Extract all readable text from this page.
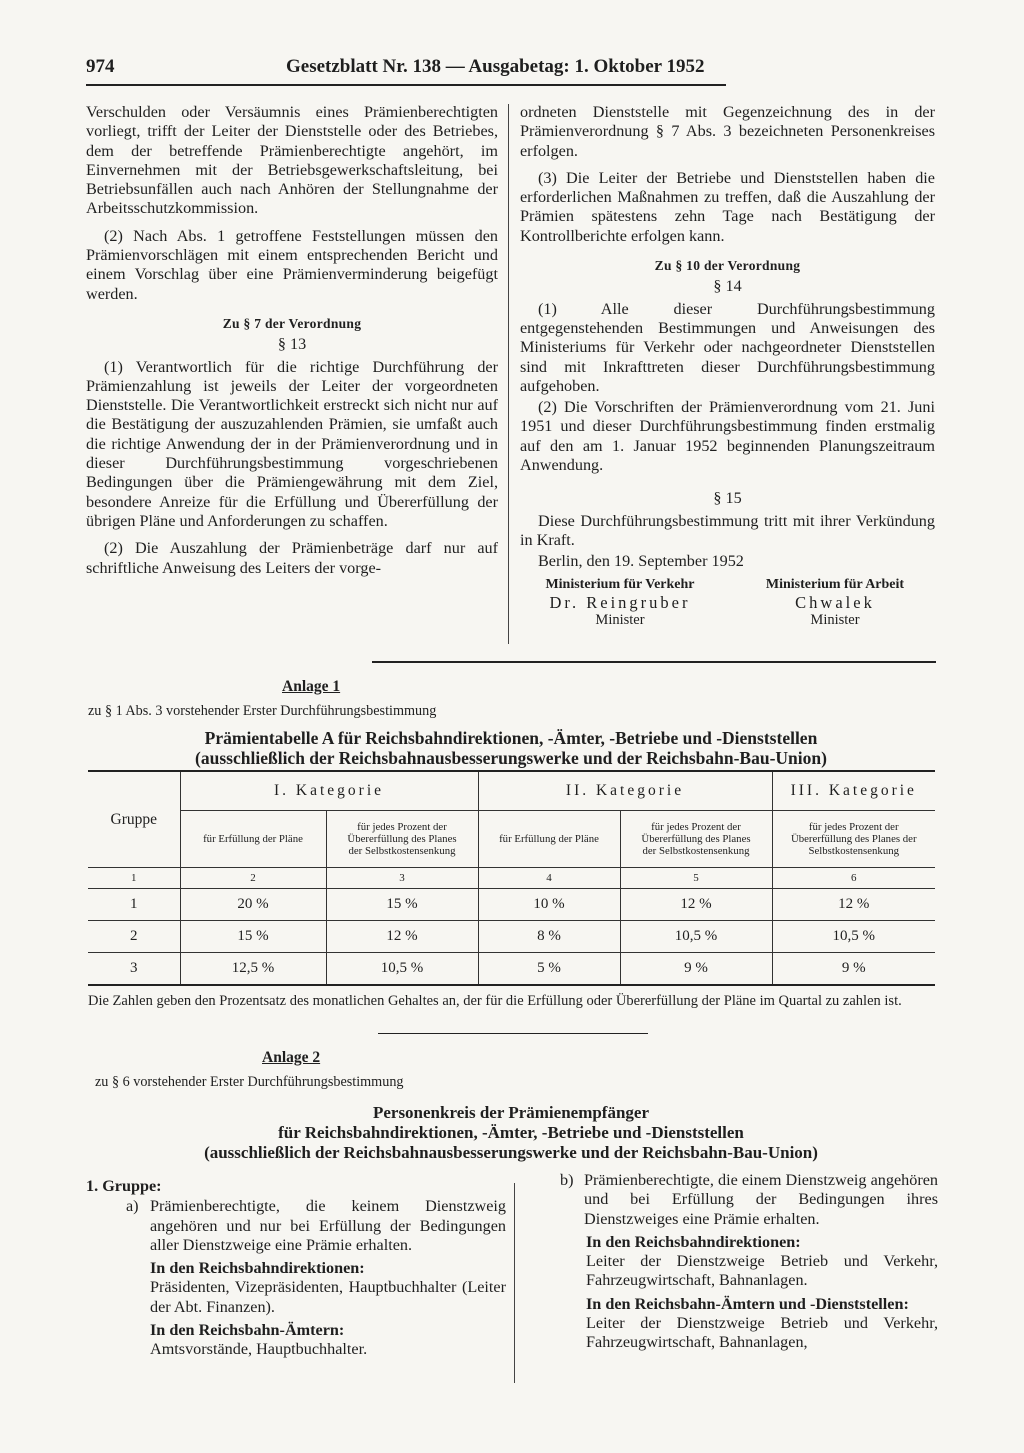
974	Gesetzblatt Nr. 138 — Ausgabetag: 1. Oktober 1952

Verschulden oder Versäumnis eines Prämienberechtigten vorliegt, trifft der Leiter der Dienststelle oder des Betriebes, dem der betreffende Prämienberechtigte angehört, im Einvernehmen mit der Betriebsgewerkschaftsleitung, bei Betriebsunfällen auch nach Anhören der Stellungnahme der Arbeitsschutzkommission.

(2) Nach Abs. 1 getroffene Feststellungen müssen den Prämienvorschlägen mit einem entsprechenden Bericht und einem Vorschlag über eine Prämienverminderung beigefügt werden.

Zu § 7 der Verordnung

§ 13

(1) Verantwortlich für die richtige Durchführung der Prämienzahlung ist jeweils der Leiter der vorgeordneten Dienststelle. Die Verantwortlichkeit erstreckt sich nicht nur auf die Bestätigung der auszuzahlenden Prämien, sie umfaßt auch die richtige Anwendung der in der Prämienverordnung und in dieser Durchführungsbestimmung vorgeschriebenen Bedingungen über die Prämiengewährung mit dem Ziel, besondere Anreize für die Erfüllung und Übererfüllung der übrigen Pläne und Anforderungen zu schaffen.

(2) Die Auszahlung der Prämienbeträge darf nur auf schriftliche Anweisung des Leiters der vorge-

ordneten Dienststelle mit Gegenzeichnung des in der Prämienverordnung § 7 Abs. 3 bezeichneten Personenkreises erfolgen.

(3) Die Leiter der Betriebe und Dienststellen haben die erforderlichen Maßnahmen zu treffen, daß die Auszahlung der Prämien spätestens zehn Tage nach Bestätigung der Kontrollberichte erfolgen kann.

Zu § 10 der Verordnung

§ 14

(1) Alle dieser Durchführungsbestimmung entgegenstehenden Bestimmungen und Anweisungen des Ministeriums für Verkehr oder nachgeordneter Dienststellen sind mit Inkrafttreten dieser Durchführungsbestimmung aufgehoben.

(2) Die Vorschriften der Prämienverordnung vom 21. Juni 1951 und dieser Durchführungsbestimmung finden erstmalig auf den am 1. Januar 1952 beginnenden Planungszeitraum Anwendung.

§ 15

Diese Durchführungsbestimmung tritt mit ihrer Verkündung in Kraft.

Berlin, den 19. September 1952

Ministerium für Verkehr
Dr. Reingruber
Minister
Ministerium für Arbeit
Chwalek
Minister
Anlage 1
zu § 1 Abs. 3 vorstehender Erster Durchführungsbestimmung
Prämientabelle A für Reichsbahndirektionen, -Ämter, -Betriebe und -Dienststellen
(ausschließlich der Reichsbahnausbesserungswerke und der Reichsbahn-Bau-Union)
Gruppe	I. Kategorie		II. Kategorie		III. Kategorie
	für Erfüllung der Pläne	für jedes Prozent der Übererfüllung des Planes der Selbstkostensenkung	für Erfüllung der Pläne	für jedes Prozent der Übererfüllung des Planes der Selbstkostensenkung	für jedes Prozent der Übererfüllung des Planes der Selbstkostensenkung
1	2	3	4	5	6
1	20 %	15 %	10 %	12 %	12 %
2	15 %	12 %	8 %	10,5 %	10,5 %
3	12,5 %	10,5 %	5 %	9 %	9 %
Die Zahlen geben den Prozentsatz des monatlichen Gehaltes an, der für die Erfüllung oder Übererfüllung der Pläne im Quartal zu zahlen ist.
Anlage 2
zu § 6 vorstehender Erster Durchführungsbestimmung
Personenkreis der Prämienempfänger
für Reichsbahndirektionen, -Ämter, -Betriebe und -Dienststellen
(ausschließlich der Reichsbahnausbesserungswerke und der Reichsbahn-Bau-Union)

1. Gruppe:

a) Prämienberechtigte, die keinem Dienstzweig angehören und nur bei Erfüllung der Bedingungen aller Dienstzweige eine Prämie erhalten.

In den Reichsbahndirektionen:

Präsidenten, Vizepräsidenten, Hauptbuchhalter (Leiter der Abt. Finanzen).

In den Reichsbahn-Ämtern:

Amtsvorstände, Hauptbuchhalter.

b) Prämienberechtigte, die einem Dienstzweig angehören und bei Erfüllung der Bedingungen ihres Dienstzweiges eine Prämie erhalten.

In den Reichsbahndirektionen:

Leiter der Dienstzweige Betrieb und Verkehr, Fahrzeugwirtschaft, Bahnanlagen.

In den Reichsbahn-Ämtern und -Dienststellen:

Leiter der Dienstzweige Betrieb und Verkehr, Fahrzeugwirtschaft, Bahnanlagen,
